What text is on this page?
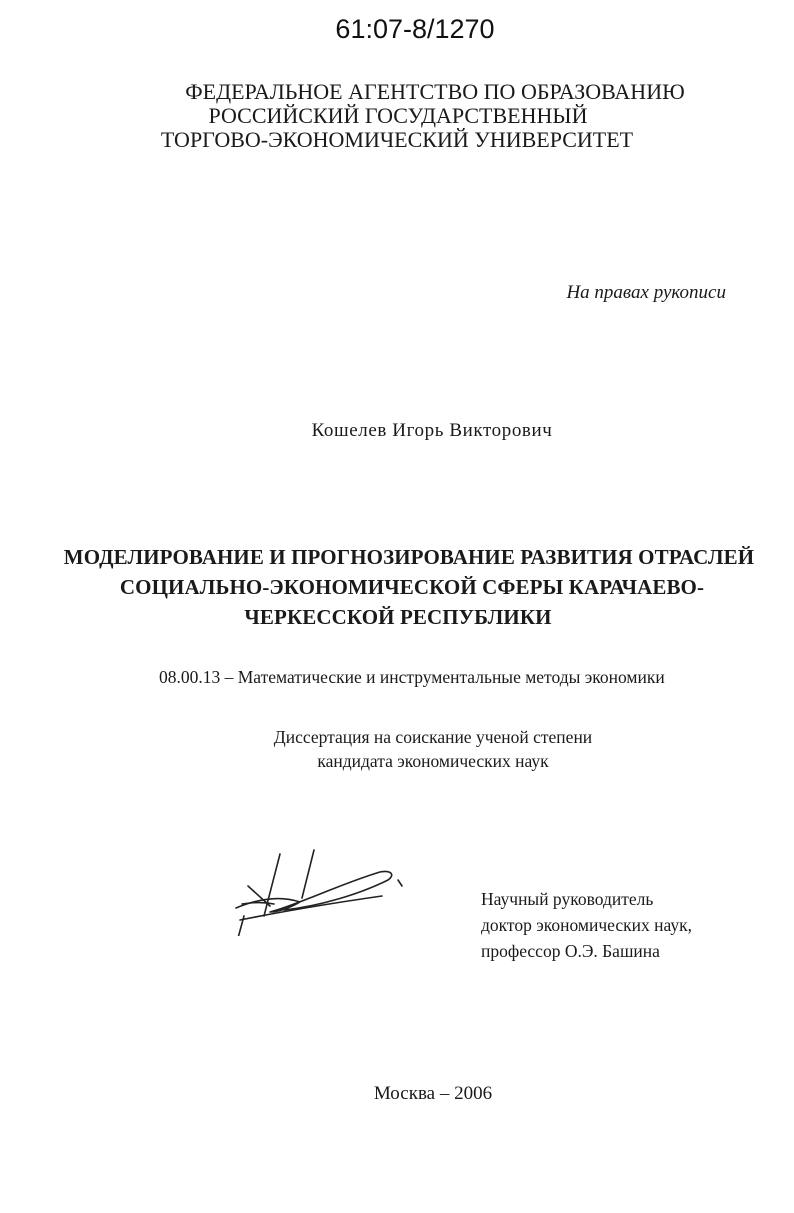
61:07-8/1270
ФЕДЕРАЛЬНОЕ АГЕНТСТВО ПО ОБРАЗОВАНИЮ
РОССИЙСКИЙ ГОСУДАРСТВЕННЫЙ
ТОРГОВО-ЭКОНОМИЧЕСКИЙ УНИВЕРСИТЕТ
На правах рукописи
Кошелев Игорь Викторович
МОДЕЛИРОВАНИЕ И ПРОГНОЗИРОВАНИЕ РАЗВИТИЯ ОТРАСЛЕЙ
СОЦИАЛЬНО-ЭКОНОМИЧЕСКОЙ СФЕРЫ КАРАЧАЕВО-
ЧЕРКЕССКОЙ РЕСПУБЛИКИ
08.00.13 – Математические и инструментальные методы экономики
Диссертация на соискание ученой степени
кандидата экономических наук
Научный руководитель
доктор экономических наук,
профессор О.Э. Башина
Москва – 2006
